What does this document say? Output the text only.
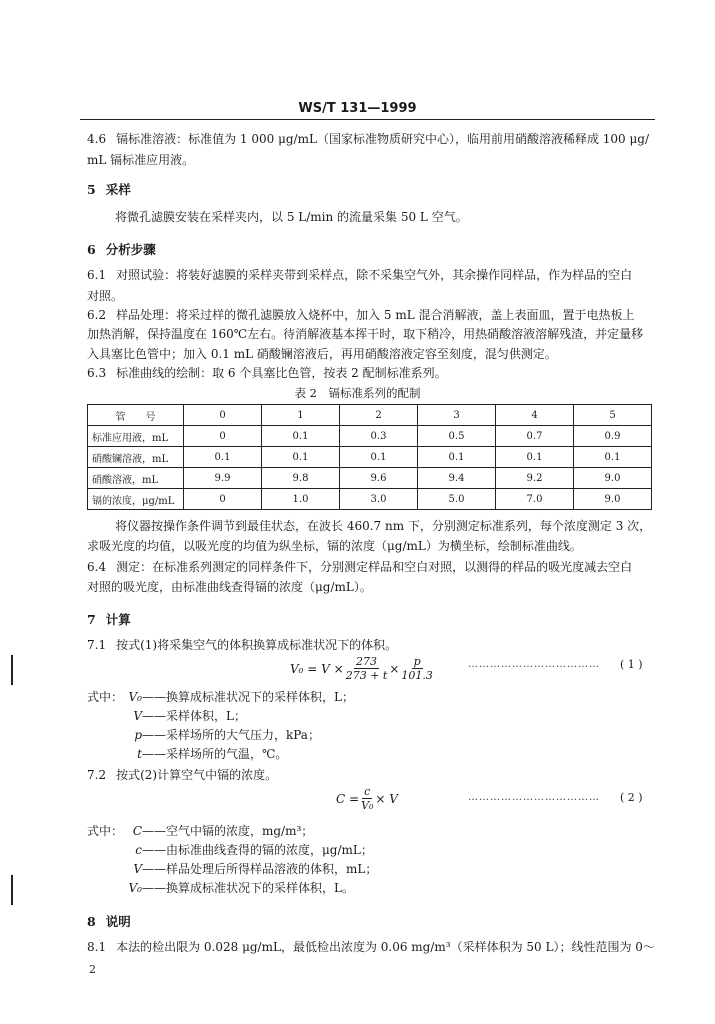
WS/T 131—1999
4.6 镉标准溶液：标准值为 1 000 μg/mL（国家标准物质研究中心），临用前用硝酸溶液稀释成 100 μg/
mL 镉标准应用液。
5 采样
将微孔滤膜安装在采样夹内，以 5 L/min 的流量采集 50 L 空气。
6 分析步骤
6.1 对照试验：将装好滤膜的采样夹带到采样点，除不采集空气外，其余操作同样品，作为样品的空白
对照。
6.2 样品处理：将采过样的微孔滤膜放入烧杯中，加入 5 mL 混合消解液，盖上表面皿，置于电热板上
加热消解，保持温度在 160℃左右。待消解液基本挥干时，取下稍冷，用热硝酸溶液溶解残渣，并定量移
入具塞比色管中；加入 0.1 mL 硝酸镧溶液后，再用硝酸溶液定容至刻度，混匀供测定。
6.3 标准曲线的绘制：取 6 个具塞比色管，按表 2 配制标准系列。
表 2　镉标准系列的配制
管　　号	0	1	2	3	4	5
标准应用液，mL	0	0.1	0.3	0.5	0.7	0.9
硝酸镧溶液，mL	0.1	0.1	0.1	0.1	0.1	0.1
硝酸溶液，mL	9.9	9.8	9.6	9.4	9.2	9.0
镉的浓度，μg/mL	0	1.0	3.0	5.0	7.0	9.0
将仪器按操作条件调节到最佳状态，在波长 460.7 nm 下，分别测定标准系列，每个浓度测定 3 次，
求吸光度的均值，以吸光度的均值为纵坐标，镉的浓度（μg/mL）为横坐标，绘制标准曲线。
6.4 测定：在标准系列测定的同样条件下，分别测定样品和空白对照，以测得的样品的吸光度减去空白
对照的吸光度，由标准曲线查得镉的浓度（μg/mL）。
7 计算
7.1 按式(1)将采集空气的体积换算成标准状况下的体积。
$V_0 = V \times \frac{273}{273 + t} \times \frac{p}{101.3}$	………………………………	( 1 )
式中： V₀ ——换算成标准状况下的采样体积，L；
V ——采样体积，L；
p ——采样场所的大气压力，kPa；
t ——采样场所的气温，℃。
7.2 按式(2)计算空气中镉的浓度。
$C = \frac{c}{\text{V₀}} \times V$	………………………………	( 2 )
式中： C ——空气中镉的浓度，mg/m³；
c ——由标准曲线查得的镉的浓度，μg/mL；
V ——样品处理后所得样品溶液的体积，mL；
V₀ ——换算成标准状况下的采样体积，L。
8 说明
8.1 本法的检出限为 0.028 μg/mL，最低检出浓度为 0.06 mg/m³（采样体积为 50 L）；线性范围为 0～
2
